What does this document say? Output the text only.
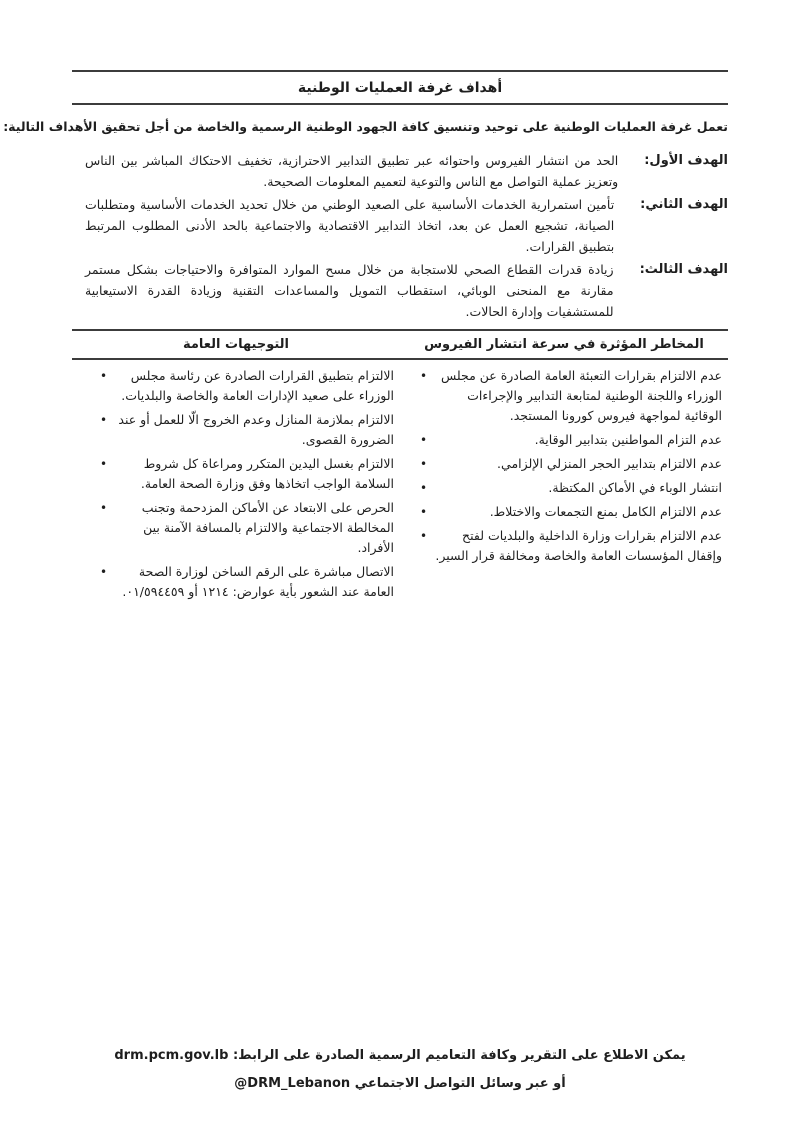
أهداف غرفة العمليات الوطنية

تعمل غرفة العمليات الوطنية على توحيد وتنسيق كافة الجهود الوطنية الرسمية والخاصة من أجل تحقيق الأهداف التالية:

الهدف الأول:
الحد من انتشار الفيروس واحتوائه عبر تطبيق التدابير الاحترازية، تخفيف الاحتكاك المباشر بين الناس وتعزيز عملية التواصل مع الناس والتوعية لتعميم المعلومات الصحيحة.
الهدف الثاني:
تأمين استمرارية الخدمات الأساسية على الصعيد الوطني من خلال تحديد الخدمات الأساسية ومتطلبات الصيانة، تشجيع العمل عن بعد، اتخاذ التدابير الاقتصادية والاجتماعية بالحد الأدنى المطلوب المرتبط بتطبيق القرارات.
الهدف الثالث:
زيادة قدرات القطاع الصحي للاستجابة من خلال مسح الموارد المتوافرة والاحتياجات بشكل مستمر مقارنة مع المنحنى الوبائي، استقطاب التمويل والمساعدات التقنية وزيادة القدرة الاستيعابية للمستشفيات وإدارة الحالات.
التوجيهات العامة	المخاطر المؤثرة في سرعة انتشار الفيروس
•	الالتزام بتطبيق القرارات الصادرة عن رئاسة مجلس الوزراء على صعيد الإدارات العامة والخاصة والبلديات.
• الالتزام بملازمة المنازل وعدم الخروج الّا للعمل أو عند الضرورة القصوى.
•	الالتزام بغسل اليدين المتكرر ومراعاة كل شروط السلامة الواجب اتخاذها وفق وزارة الصحة العامة.
•	الحرص على الابتعاد عن الأماكن المزدحمة وتجنب المخالطة الاجتماعية والالتزام بالمسافة الآمنة بين الأفراد.
•	الاتصال مباشرة على الرقم الساخن لوزارة الصحة العامة عند الشعور بأية عوارض: ١٢١٤ أو ٠١/٥٩٤٤٥٩.
•	عدم الالتزام بقرارات التعبئة العامة الصادرة عن مجلس الوزراء واللجنة الوطنية لمتابعة التدابير والإجراءات الوقائية لمواجهة فيروس كورونا المستجد.
•	عدم التزام المواطنين بتدابير الوقاية.
•	عدم الالتزام بتدابير الحجر المنزلي الإلزامي.
•	انتشار الوباء في الأماكن المكتظة.
•	عدم الالتزام الكامل بمنع التجمعات والاختلاط.
•	عدم الالتزام بقرارات وزارة الداخلية والبلديات لفتح وإقفال المؤسسات العامة والخاصة ومخالفة قرار السير.

يمكن الاطلاع على التقرير وكافة التعاميم الرسمية الصادرة على الرابط: drm.pcm.gov.lb

أو عبر وسائل التواصل الاجتماعي @DRM_Lebanon
